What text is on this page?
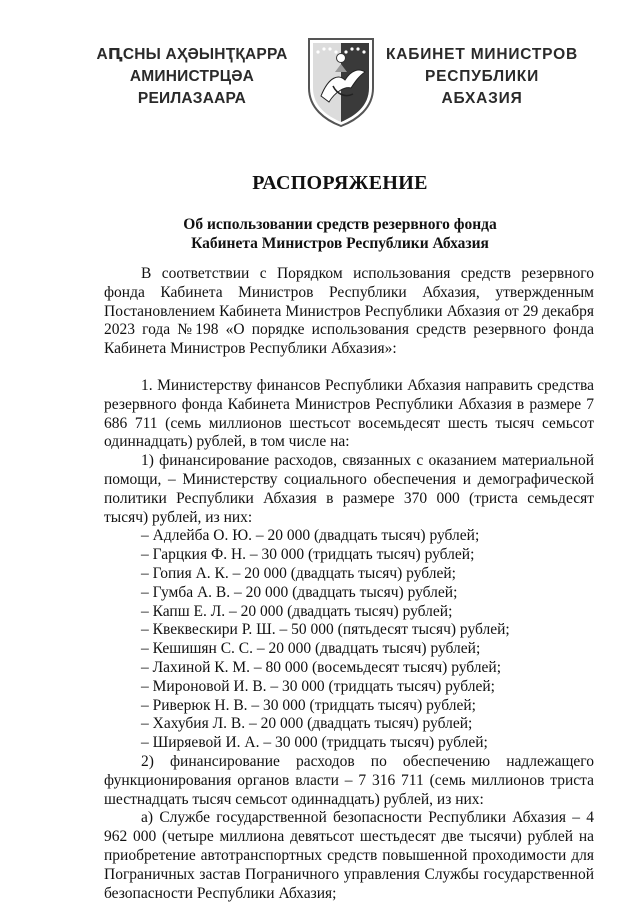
АԤСНЫ АҲӘЫНҬҚАРРА
АМИНИСТРЦӘА РЕИЛАЗААРА
КАБИНЕТ МИНИСТРОВ
РЕСПУБЛИКИ АБХАЗИЯ
РАСПОРЯЖЕНИЕ
Об использовании средств резервного фонда
Кабинета Министров Республики Абхазия

В соответствии с Порядком использования средств резервного фонда Кабинета Министров Республики Абхазия, утвержденным Постановлением Кабинета Министров Республики Абхазия от 29 декабря 2023 года №198 «О порядке использования средств резервного фонда Кабинета Министров Республики Абхазия»:

1. Министерству финансов Республики Абхазия направить средства резервного фонда Кабинета Министров Республики Абхазия в размере 7 686 711 (семь миллионов шестьсот восемьдесят шесть тысяч семьсот одиннадцать) рублей, в том числе на:

1) финансирование расходов, связанных с оказанием материальной помощи, – Министерству социального обеспечения и демографической политики Республики Абхазия в размере 370 000 (триста семьдесят тысяч) рублей, из них:

– Адлейба О. Ю. – 20 000 (двадцать тысяч) рублей;

– Гарцкия Ф. Н. – 30 000 (тридцать тысяч) рублей;

– Гопия А. К. – 20 000 (двадцать тысяч) рублей;

– Гумба А. В. – 20 000 (двадцать тысяч) рублей;

– Капш Е. Л. – 20 000 (двадцать тысяч) рублей;

– Квеквескири Р. Ш. – 50 000 (пятьдесят тысяч) рублей;

– Кешишян С. С. – 20 000 (двадцать тысяч) рублей;

– Лахиной К. М. – 80 000 (восемьдесят тысяч) рублей;

– Мироновой И. В. – 30 000 (тридцать тысяч) рублей;

– Риверюк Н. В. – 30 000 (тридцать тысяч) рублей;

– Хахубия Л. В. – 20 000 (двадцать тысяч) рублей;

– Ширяевой И. А. – 30 000 (тридцать тысяч) рублей;

2) финансирование расходов по обеспечению надлежащего функционирования органов власти – 7 316 711 (семь миллионов триста шестнадцать тысяч семьсот одиннадцать) рублей, из них:

а) Службе государственной безопасности Республики Абхазия – 4 962 000 (четыре миллиона девятьсот шестьдесят две тысячи) рублей на приобретение автотранспортных средств повышенной проходимости для Пограничных застав Пограничного управления Службы государственной безопасности Республики Абхазия;
